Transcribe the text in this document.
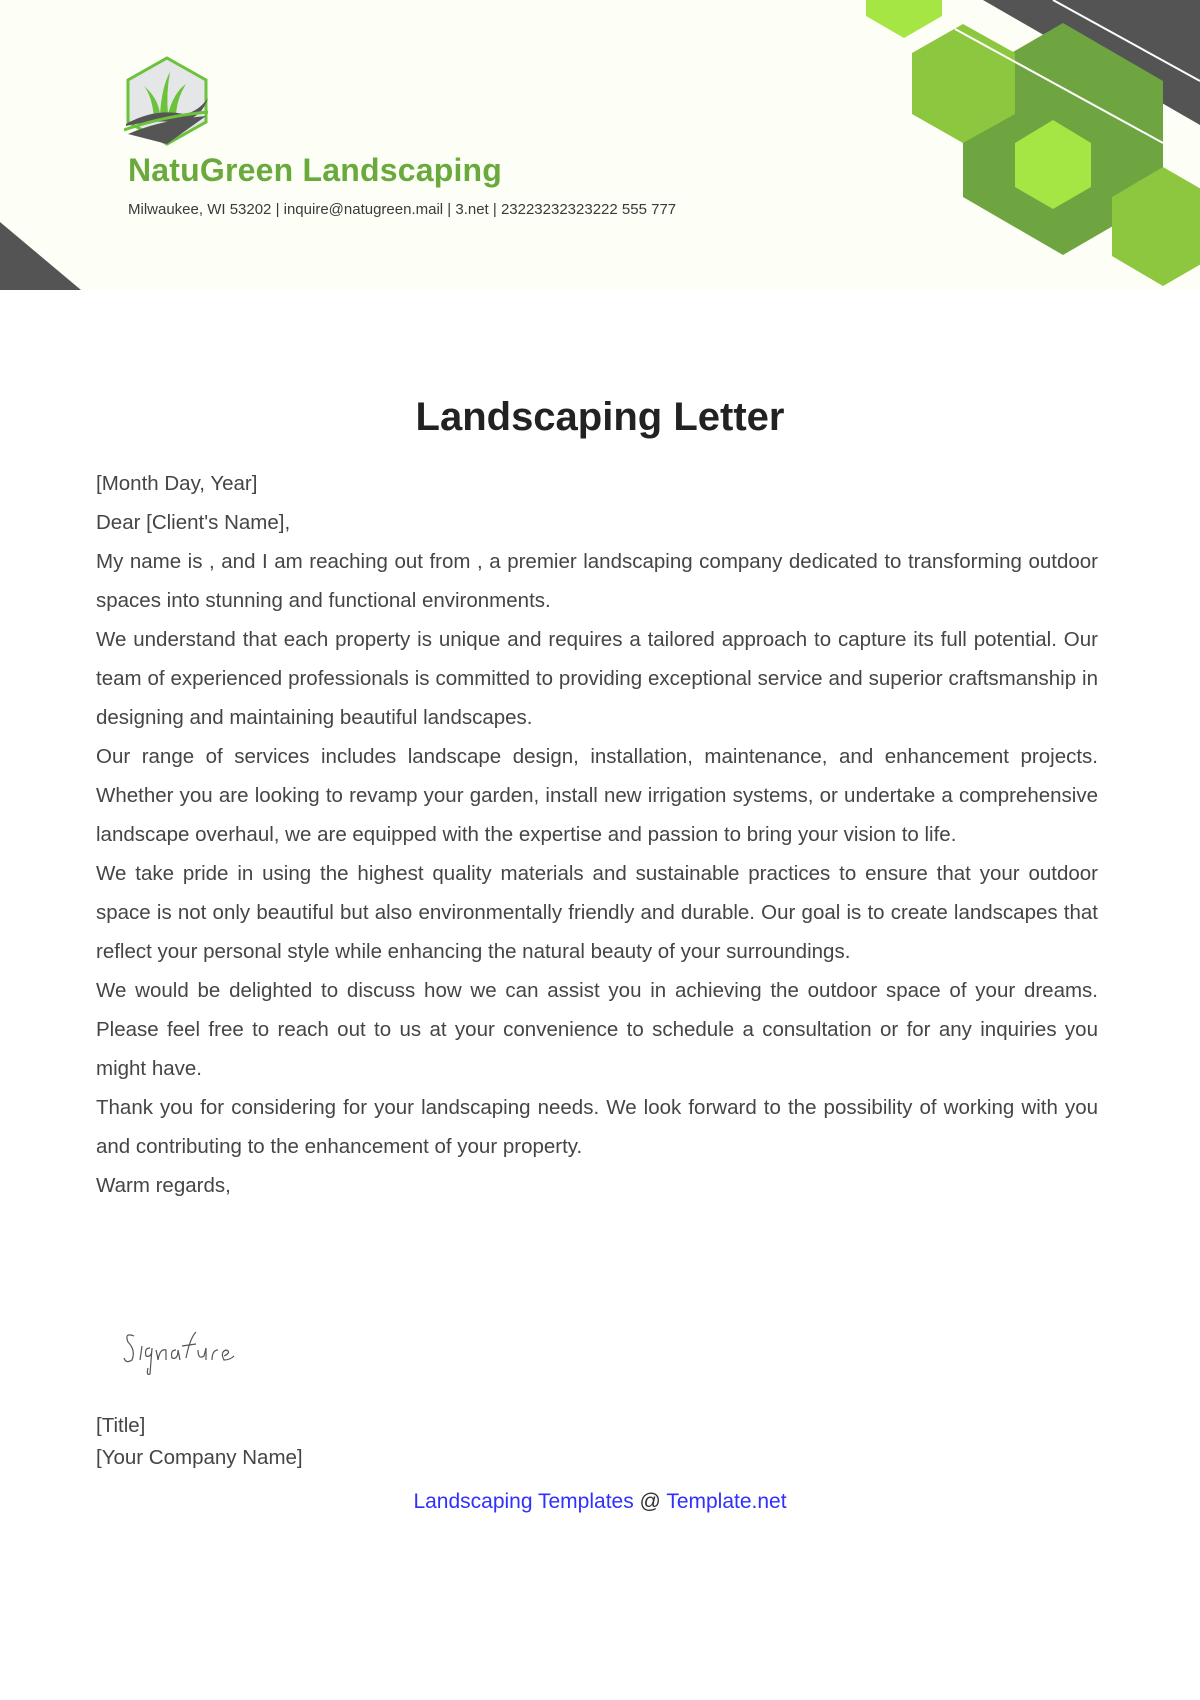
NatuGreen Landscaping
Milwaukee, WI 53202 | inquire@natugreen.mail | 3.net | 23223232323222 555 777
Landscaping Letter

[Month Day, Year]

Dear [Client's Name],

My name is , and I am reaching out from , a premier landscaping company dedicated to transforming outdoor spaces into stunning and functional environments.

We understand that each property is unique and requires a tailored approach to capture its full potential. Our team of experienced professionals is committed to providing exceptional service and superior craftsmanship in designing and maintaining beautiful landscapes.

Our range of services includes landscape design, installation, maintenance, and enhancement projects. Whether you are looking to revamp your garden, install new irrigation systems, or undertake a comprehensive landscape overhaul, we are equipped with the expertise and passion to bring your vision to life.

We take pride in using the highest quality materials and sustainable practices to ensure that your outdoor space is not only beautiful but also environmentally friendly and durable. Our goal is to create landscapes that reflect your personal style while enhancing the natural beauty of your surroundings.

We would be delighted to discuss how we can assist you in achieving the outdoor space of your dreams. Please feel free to reach out to us at your convenience to schedule a consultation or for any inquiries you might have.

Thank you for considering for your landscaping needs. We look forward to the possibility of working with you and contributing to the enhancement of your property.

Warm regards,

[Title]
[Your Company Name]
Landscaping Templates @ Template.net
